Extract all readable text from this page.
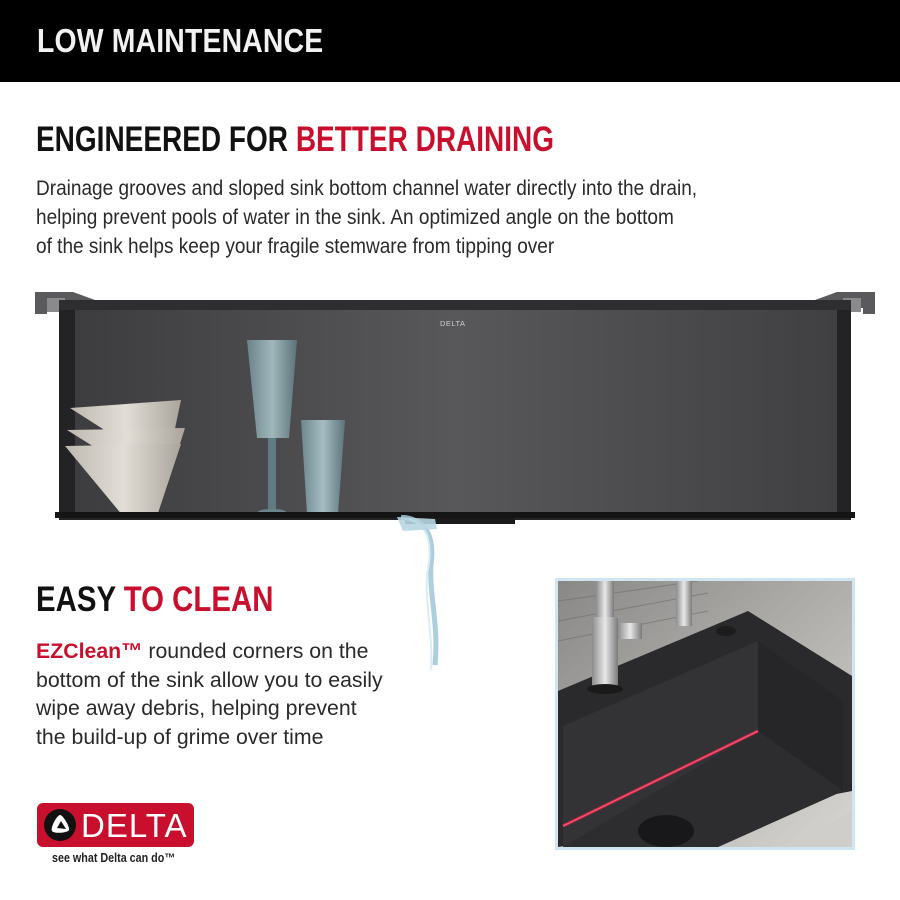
LOW MAINTENANCE
ENGINEERED FOR BETTER DRAINING
Drainage grooves and sloped sink bottom channel water directly into the drain,
helping prevent pools of water in the sink. An optimized angle on the bottom
of the sink helps keep your fragile stemware from tipping over
DELTA
EASY TO CLEAN
EZClean™ rounded corners on the
bottom of the sink allow you to easily
wipe away debris, helping prevent
the build-up of grime over time
DELTA
see what Delta can do™
